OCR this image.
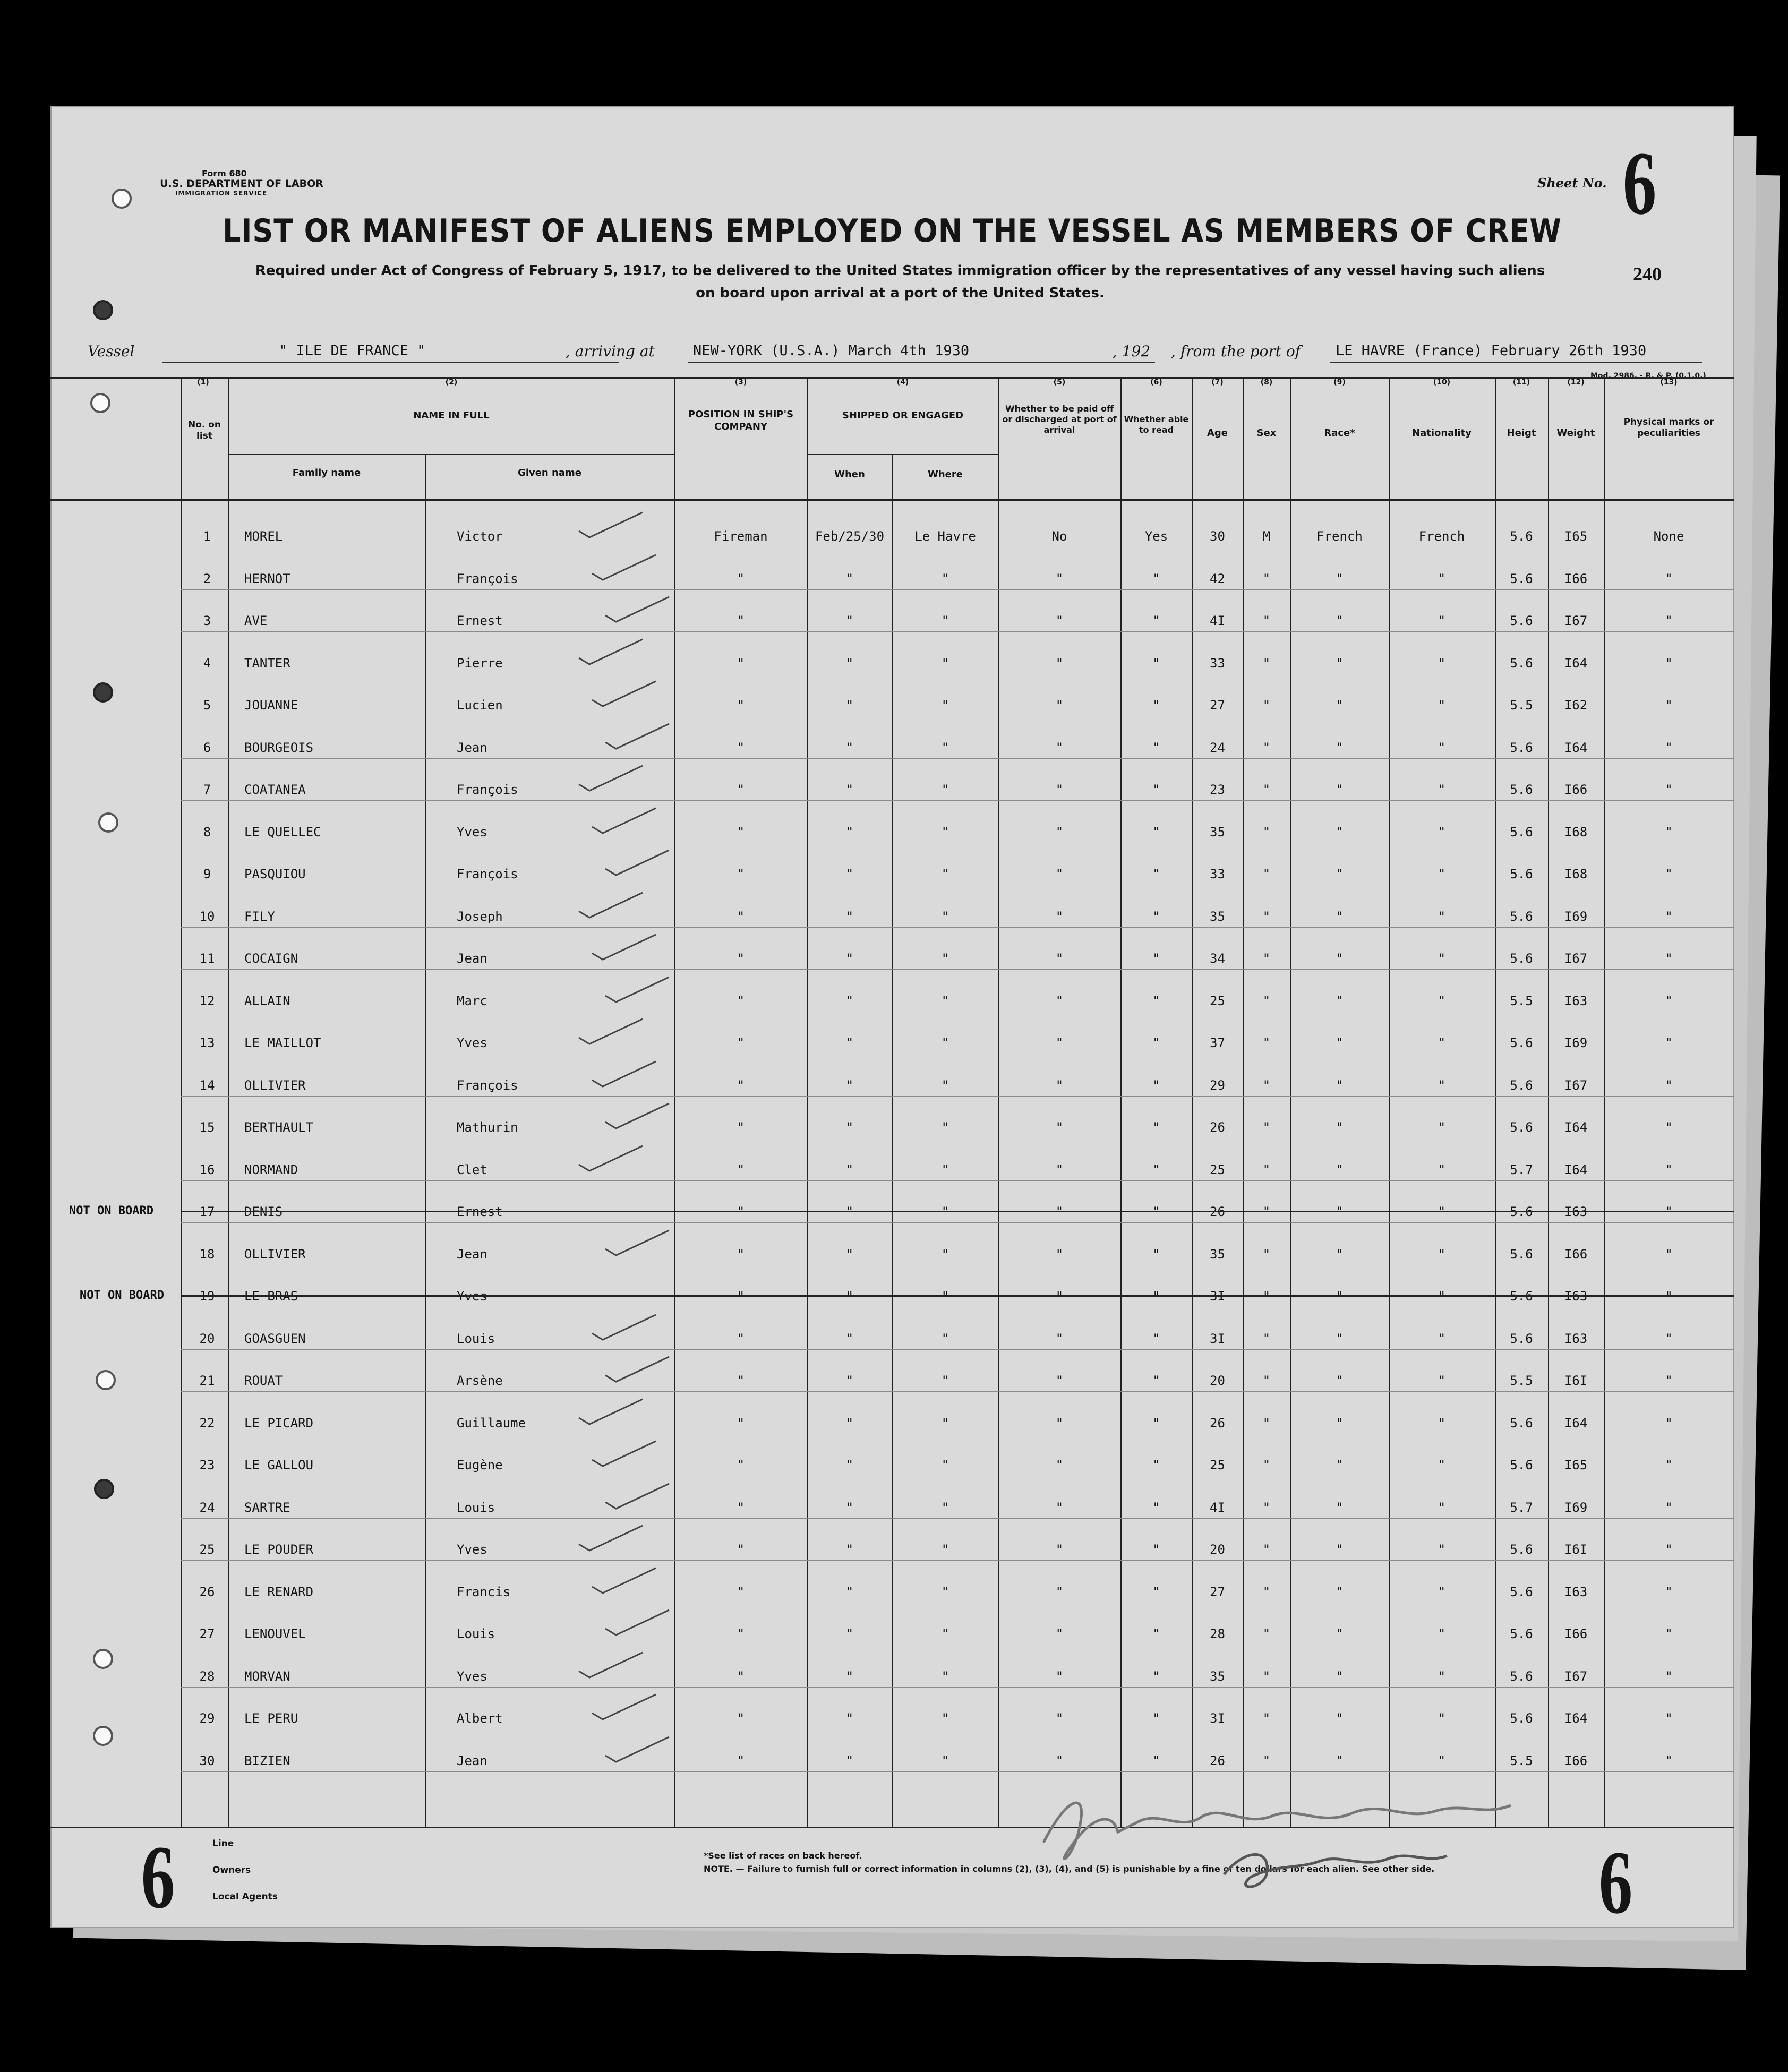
Form 680
U.S. DEPARTMENT OF LABOR
IMMIGRATION SERVICE
Sheet No. 6
LIST OR MANIFEST OF ALIENS EMPLOYED ON THE VESSEL AS MEMBERS OF CREW
Required under Act of Congress of February 5, 1917, to be delivered to the United States immigration officer by the representatives of any vessel having such aliens
on board upon arrival at a port of the United States.
240
Vessel	" ILE DE FRANCE "	, arriving at	NEW-YORK (U.S.A.) March 4th 1930	, 192 , from the port of LE HAVRE (France) February 26th 1930
Mod. 2986. - R. & P. (0.1.0.)
(1)
No. on list
(2)
NAME IN FULL
Family name	Given name
(3)
POSITION IN SHIP'S COMPANY
(4)
SHIPPED OR ENGAGED
When	Where
(5)
Whether to be paid off or discharged at port of arrival
(6)
Whether able to read
(7)
Age
(8)
Sex
(9)
Race*
(10)
Nationality
(11)
Heigt
(12)
Weight
(13)
Physical marks or peculiarities
1	MOREL	Victor	Fireman	Feb/25/30	Le Havre	No	Yes	30	M	French	French	5.6	I65	None
2	HERNOT	François	"	"	"	"	"	42	"	"	"	5.6	I66	"
3	AVE	Ernest	"	"	"	"	"	4I	"	"	"	5.6	I67	"
4	TANTER	Pierre	"	"	"	"	"	33	"	"	"	5.6	I64	"
5	JOUANNE	Lucien	"	"	"	"	"	27	"	"	"	5.5	I62	"
6	BOURGEOIS	Jean	"	"	"	"	"	24	"	"	"	5.6	I64	"
7	COATANEA	François	"	"	"	"	"	23	"	"	"	5.6	I66	"
8	LE QUELLEC	Yves	"	"	"	"	"	35	"	"	"	5.6	I68	"
9	PASQUIOU	François	"	"	"	"	"	33	"	"	"	5.6	I68	"
10	FILY	Joseph	"	"	"	"	"	35	"	"	"	5.6	I69	"
11	COCAIGN	Jean	"	"	"	"	"	34	"	"	"	5.6	I67	"
12	ALLAIN	Marc	"	"	"	"	"	25	"	"	"	5.5	I63	"
13	LE MAILLOT	Yves	"	"	"	"	"	37	"	"	"	5.6	I69	"
14	OLLIVIER	François	"	"	"	"	"	29	"	"	"	5.6	I67	"
15	BERTHAULT	Mathurin	"	"	"	"	"	26	"	"	"	5.6	I64	"
16	NORMAND	Clet	"	"	"	"	"	25	"	"	"	5.7	I64	"
17	DENIS	Ernest	"	"	"	"	"	26	"	"	"	5.6	I63	"
18	OLLIVIER	Jean	"	"	"	"	"	35	"	"	"	5.6	I66	"
19	LE BRAS	Yves	"	"	"	"	"	3I	"	"	"	5.6	I63	"
20	GOASGUEN	Louis	"	"	"	"	"	3I	"	"	"	5.6	I63	"
21	ROUAT	Arsène	"	"	"	"	"	20	"	"	"	5.5	I6I	"
22	LE PICARD	Guillaume	"	"	"	"	"	26	"	"	"	5.6	I64	"
23	LE GALLOU	Eugène	"	"	"	"	"	25	"	"	"	5.6	I65	"
24	SARTRE	Louis	"	"	"	"	"	4I	"	"	"	5.7	I69	"
25	LE POUDER	Yves	"	"	"	"	"	20	"	"	"	5.6	I6I	"
26	LE RENARD	Francis	"	"	"	"	"	27	"	"	"	5.6	I63	"
27	LENOUVEL	Louis	"	"	"	"	"	28	"	"	"	5.6	I66	"
28	MORVAN	Yves	"	"	"	"	"	35	"	"	"	5.6	I67	"
29	LE PERU	Albert	"	"	"	"	"	3I	"	"	"	5.6	I64	"
30	BIZIEN	Jean	"	"	"	"	"	26	"	"	"	5.5	I66	"
NOT ON BOARD
NOT ON BOARD
6	6
Line
Owners
Local Agents
*See list of races on back hereof.
NOTE. — Failure to furnish full or correct information in columns (2), (3), (4), and (5) is punishable by a fine of ten dollars for each alien. See other side.
